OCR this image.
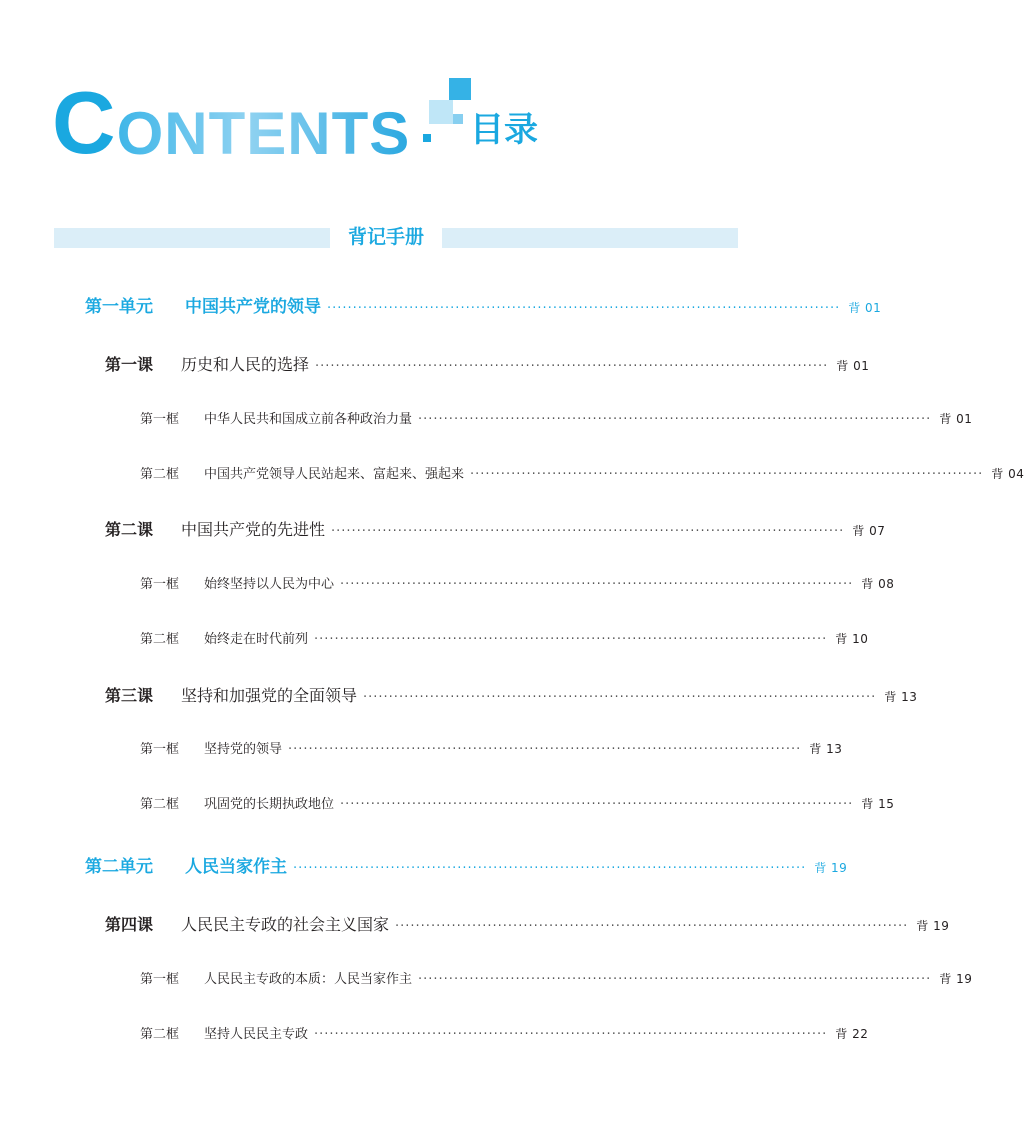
CONTENTS 目录
背记手册
第一单元 中国共产党的领导 ···································································································· 背 01
第一课 历史和人民的选择 ···································································································· 背 01
第一框 中华人民共和国成立前各种政治力量 ···································································································· 背 01
第二框 中国共产党领导人民站起来、富起来、强起来 ···································································································· 背 04
第二课 中国共产党的先进性 ···································································································· 背 07
第一框 始终坚持以人民为中心 ···································································································· 背 08
第二框 始终走在时代前列 ···································································································· 背 10
第三课 坚持和加强党的全面领导 ···································································································· 背 13
第一框 坚持党的领导 ···································································································· 背 13
第二框 巩固党的长期执政地位 ···································································································· 背 15
第二单元 人民当家作主 ···································································································· 背 19
第四课 人民民主专政的社会主义国家 ···································································································· 背 19
第一框 人民民主专政的本质：人民当家作主 ···································································································· 背 19
第二框 坚持人民民主专政 ···································································································· 背 22
